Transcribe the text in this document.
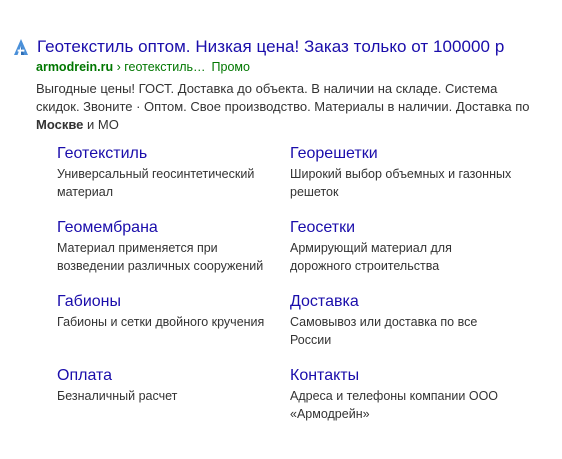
Геотекстиль оптом. Низкая цена! Заказ только от 100000 р
armodrein.ru › геотекстиль… Промо
Выгодные цены! ГОСТ. Доставка до объекта. В наличии на складе. Система скидок. Звоните · Оптом. Свое производство. Материалы в наличии. Доставка по Москве и МО
Геотекстиль
Универсальный геосинтетический материал
Георешетки
Широкий выбор объемных и газонных решеток
Геомембрана
Материал применяется при возведении различных сооружений
Геосетки
Армирующий материал для дорожного строительства
Габионы
Габионы и сетки двойного кручения
Доставка
Самовывоз или доставка по все России
Оплата
Безналичный расчет
Контакты
Адреса и телефоны компании ООО «Армодрейн»
